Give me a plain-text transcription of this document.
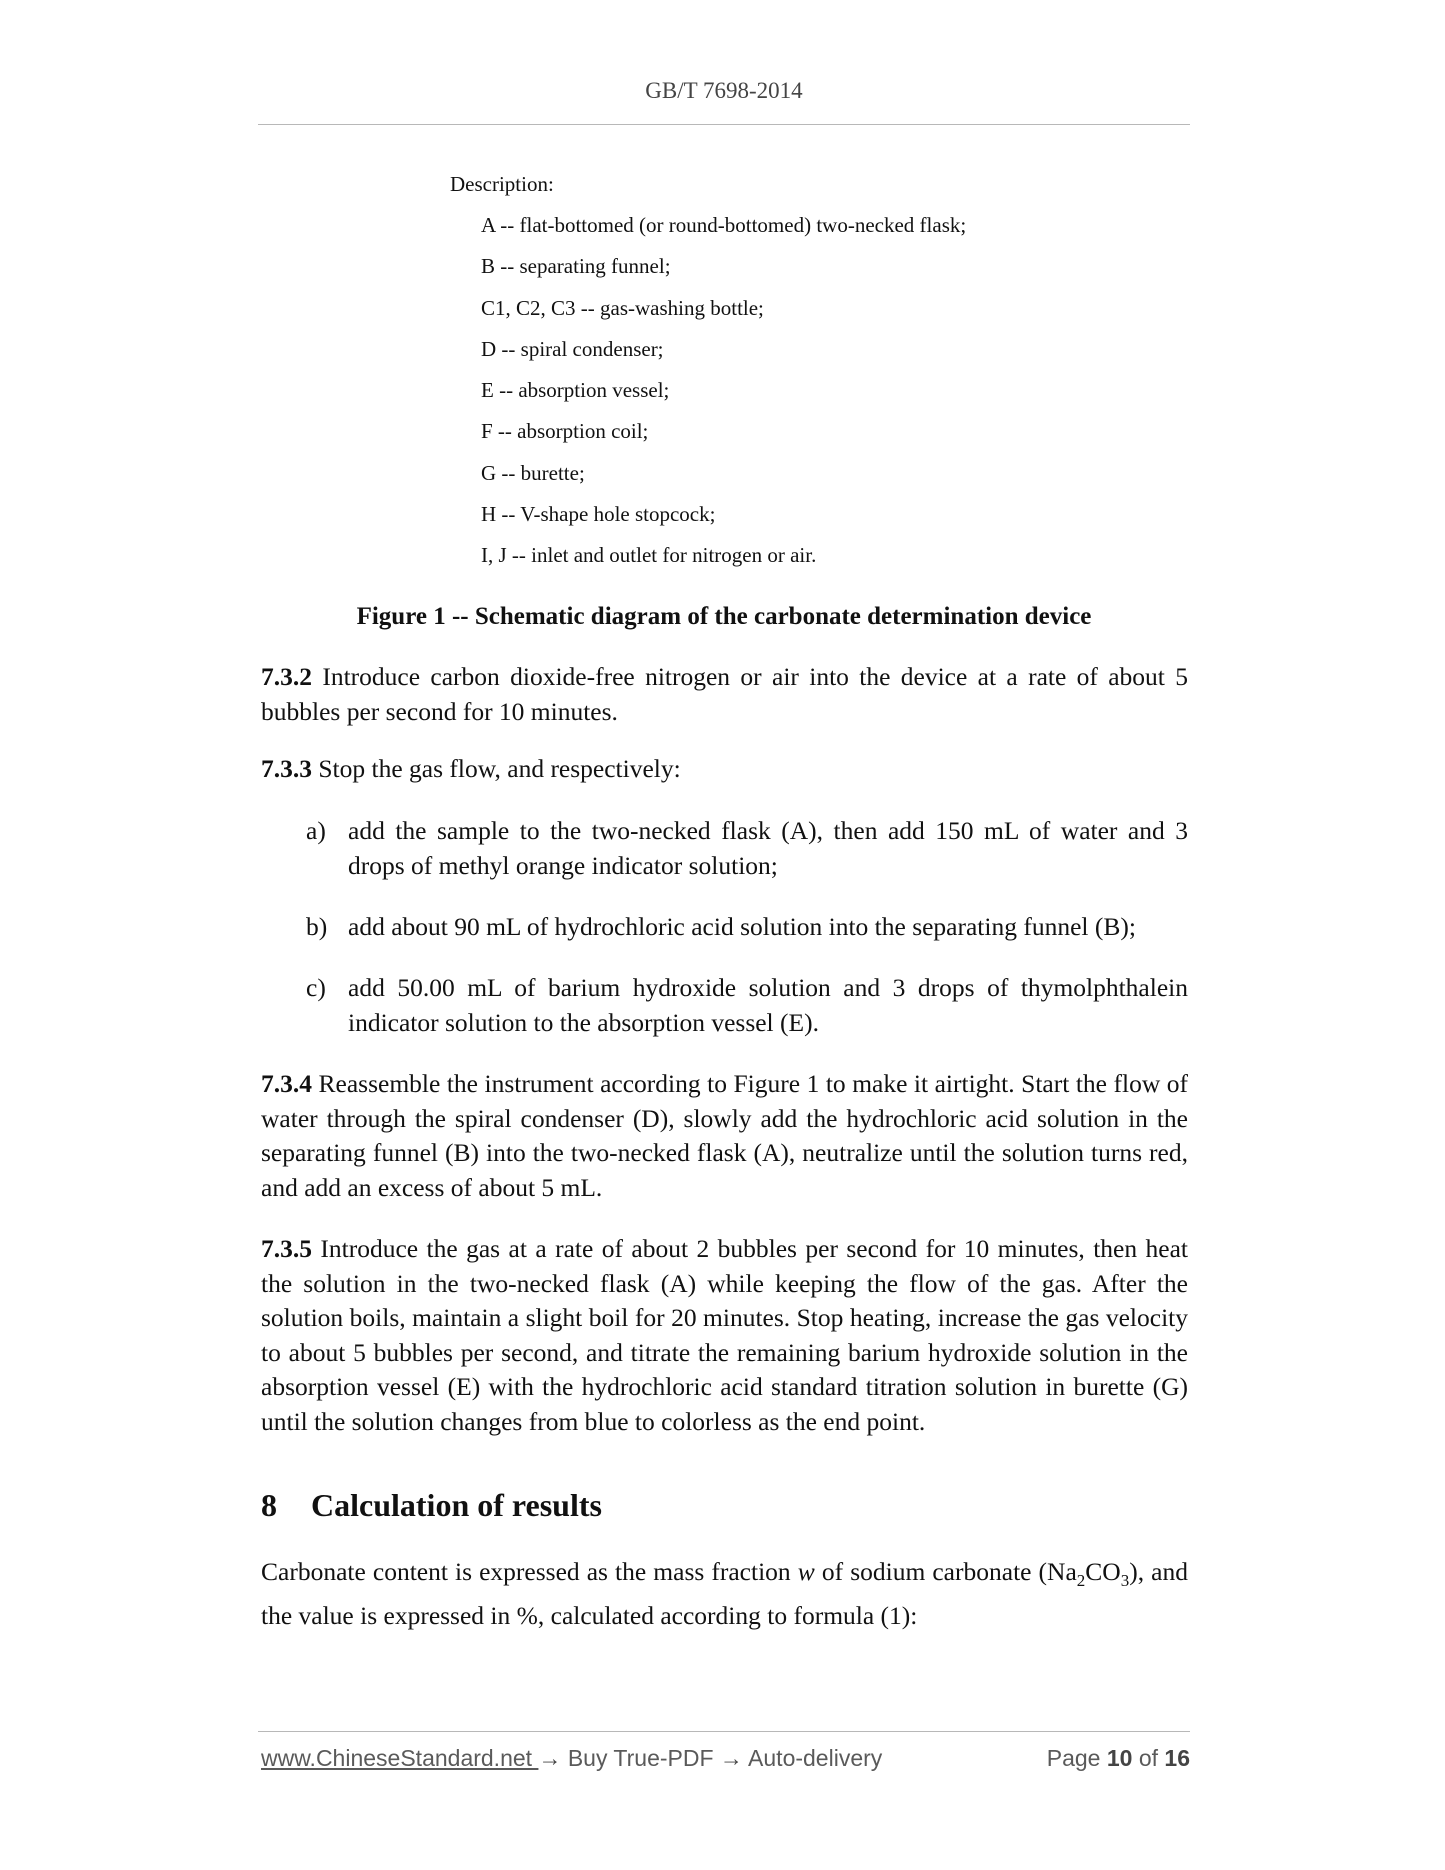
GB/T 7698-2014
Description:
A -- flat-bottomed (or round-bottomed) two-necked flask;
B -- separating funnel;
C1, C2, C3 -- gas-washing bottle;
D -- spiral condenser;
E -- absorption vessel;
F -- absorption coil;
G -- burette;
H -- V-shape hole stopcock;
I, J -- inlet and outlet for nitrogen or air.
Figure 1 -- Schematic diagram of the carbonate determination device

7.3.2 Introduce carbon dioxide-free nitrogen or air into the device at a rate of about 5 bubbles per second for 10 minutes.

7.3.3 Stop the gas flow, and respectively:

a) add the sample to the two-necked flask (A), then add 150 mL of water and 3 drops of methyl orange indicator solution;
b) add about 90 mL of hydrochloric acid solution into the separating funnel (B);
c) add 50.00 mL of barium hydroxide solution and 3 drops of thymolphthalein indicator solution to the absorption vessel (E).

7.3.4 Reassemble the instrument according to Figure 1 to make it airtight. Start the flow of water through the spiral condenser (D), slowly add the hydrochloric acid solution in the separating funnel (B) into the two-necked flask (A), neutralize until the solution turns red, and add an excess of about 5 mL.

7.3.5 Introduce the gas at a rate of about 2 bubbles per second for 10 minutes, then heat the solution in the two-necked flask (A) while keeping the flow of the gas. After the solution boils, maintain a slight boil for 20 minutes. Stop heating, increase the gas velocity to about 5 bubbles per second, and titrate the remaining barium hydroxide solution in the absorption vessel (E) with the hydrochloric acid standard titration solution in burette (G) until the solution changes from blue to colorless as the end point.

8 Calculation of results

Carbonate content is expressed as the mass fraction w of sodium carbonate $(Na_2CO_3)$, and the value is expressed in %, calculated according to formula (1):

www.ChineseStandard.net → Buy True-PDF → Auto-delivery	Page 10 of 16
